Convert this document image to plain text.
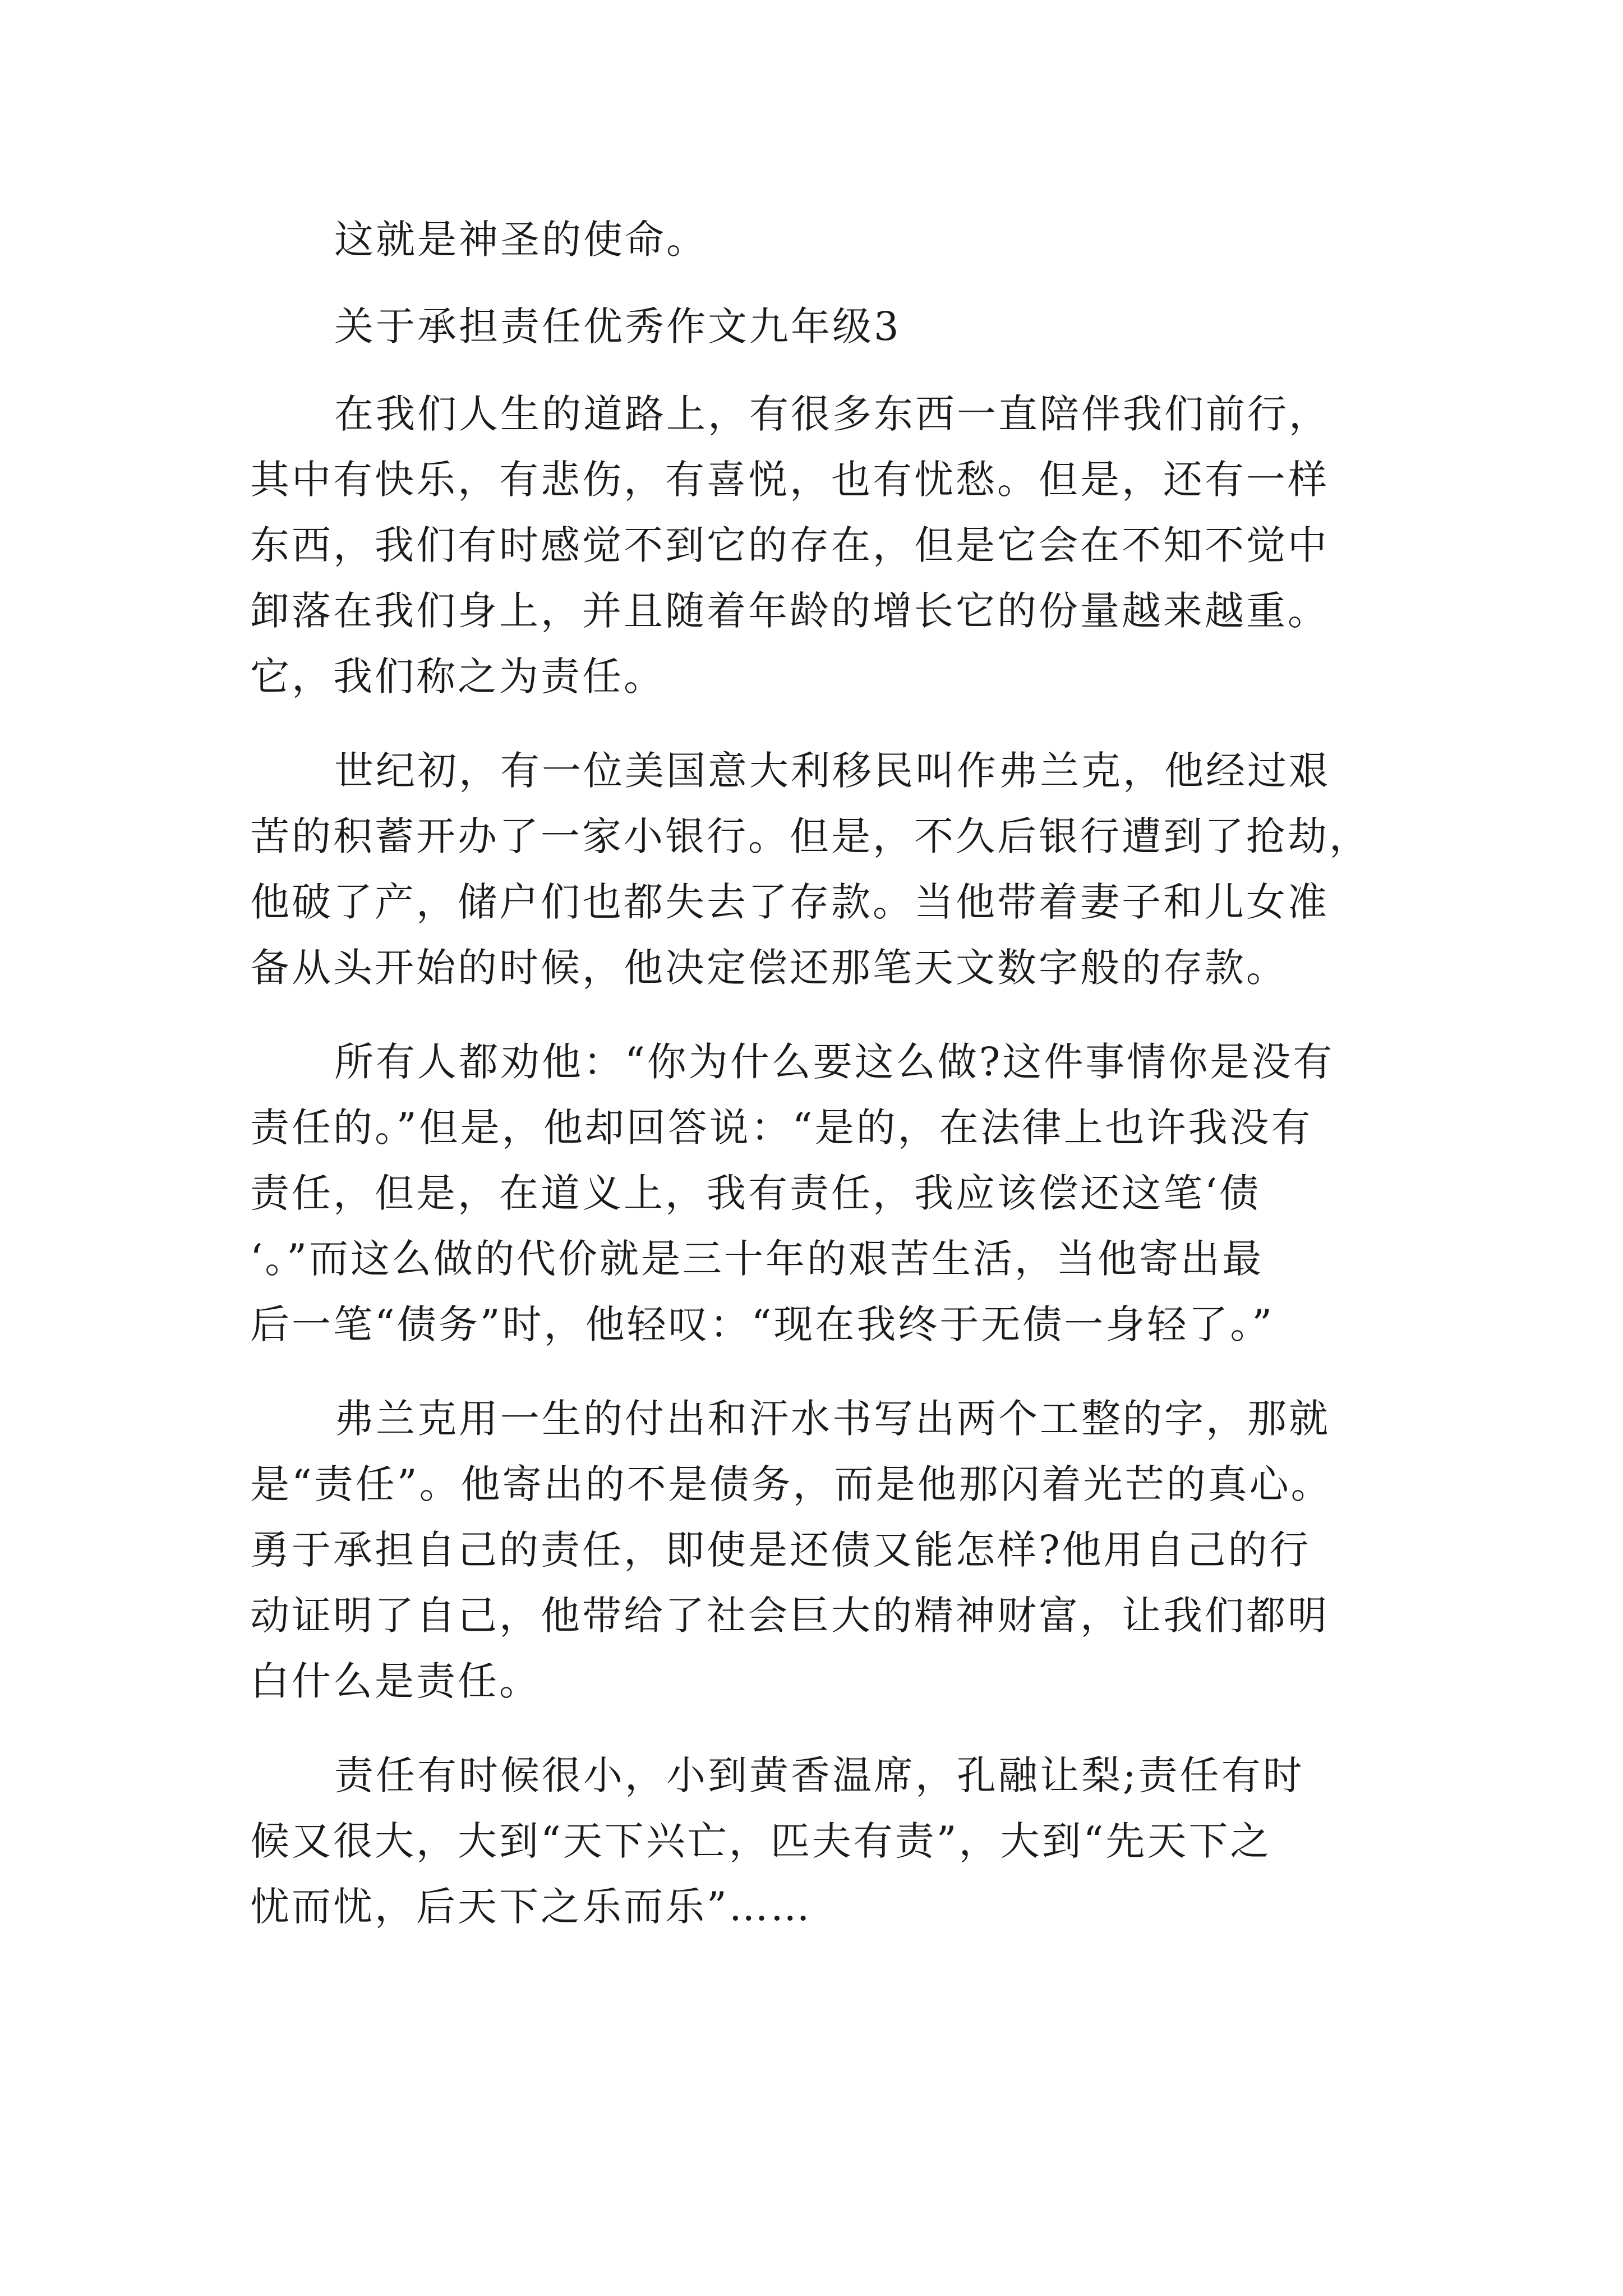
这就是神圣的使命。
关于承担责任优秀作文九年级3
在我们人生的道路上，有很多东西一直陪伴我们前行，
其中有快乐，有悲伤，有喜悦，也有忧愁。但是，还有一样
东西，我们有时感觉不到它的存在，但是它会在不知不觉中
卸落在我们身上，并且随着年龄的增长它的份量越来越重。
它，我们称之为责任。
世纪初，有一位美国意大利移民叫作弗兰克，他经过艰
苦的积蓄开办了一家小银行。但是，不久后银行遭到了抢劫，
他破了产，储户们也都失去了存款。当他带着妻子和儿女准
备从头开始的时候，他决定偿还那笔天文数字般的存款。
所有人都劝他：“你为什么要这么做?这件事情你是没有
责任的。”但是，他却回答说：“是的，在法律上也许我没有
责任，但是，在道义上，我有责任，我应该偿还这笔‘债
‘。”而这么做的代价就是三十年的艰苦生活，当他寄出最
后一笔“债务”时，他轻叹：“现在我终于无债一身轻了。”
弗兰克用一生的付出和汗水书写出两个工整的字，那就
是“责任”。他寄出的不是债务，而是他那闪着光芒的真心。
勇于承担自己的责任，即使是还债又能怎样?他用自己的行
动证明了自己，他带给了社会巨大的精神财富，让我们都明
白什么是责任。
责任有时候很小，小到黄香温席，孔融让梨;责任有时
候又很大，大到“天下兴亡，匹夫有责”，大到“先天下之
忧而忧，后天下之乐而乐”……
